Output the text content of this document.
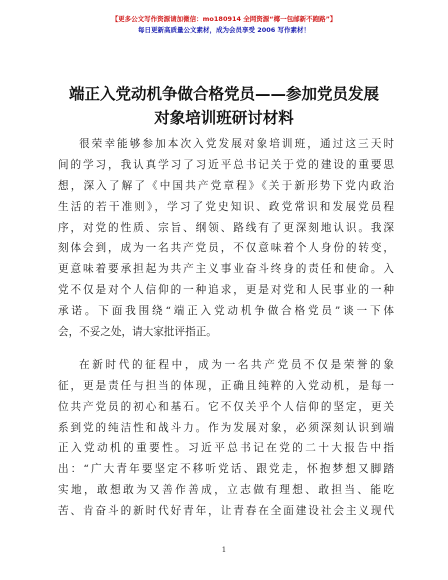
【更多公文写作资源请加微信：mo180914 全网资源“椰一包邮新不跑路”】
每日更新高质量公文素材，成为会员享受 2006 写作素材！
端正入党动机争做合格党员——参加党员发展
对象培训班研讨材料
很荣幸能够参加本次入党发展对象培训班，通过这三天时
间的学习，我认真学习了习近平总书记关于党的建设的重要思
想，深入了解了《中国共产党章程》《关于新形势下党内政治
生活的若干准则》，学习了党史知识、政党常识和发展党员程
序，对党的性质、宗旨、纲领、路线有了更深刻地认识。我深
刻体会到，成为一名共产党员，不仅意味着个人身份的转变，
更意味着要承担起为共产主义事业奋斗终身的责任和使命。入
党不仅是对个人信仰的一种追求，更是对党和人民事业的一种
承诺。下面我围绕“端正入党动机争做合格党员”谈一下体
会，不妥之处，请大家批评指正。
在新时代的征程中，成为一名共产党员不仅是荣誉的象
征，更是责任与担当的体现，正确且纯粹的入党动机，是每一
位共产党员的初心和基石。它不仅关乎个人信仰的坚定，更关
系到党的纯洁性和战斗力。作为发展对象，必须深刻认识到端
正入党动机的重要性。习近平总书记在党的二十大报告中指
出：“广大青年要坚定不移听党话、跟党走，怀抱梦想又脚踏
实地，敢想敢为又善作善成，立志做有理想、敢担当、能吃
苦、肯奋斗的新时代好青年，让青春在全面建设社会主义现代
1
